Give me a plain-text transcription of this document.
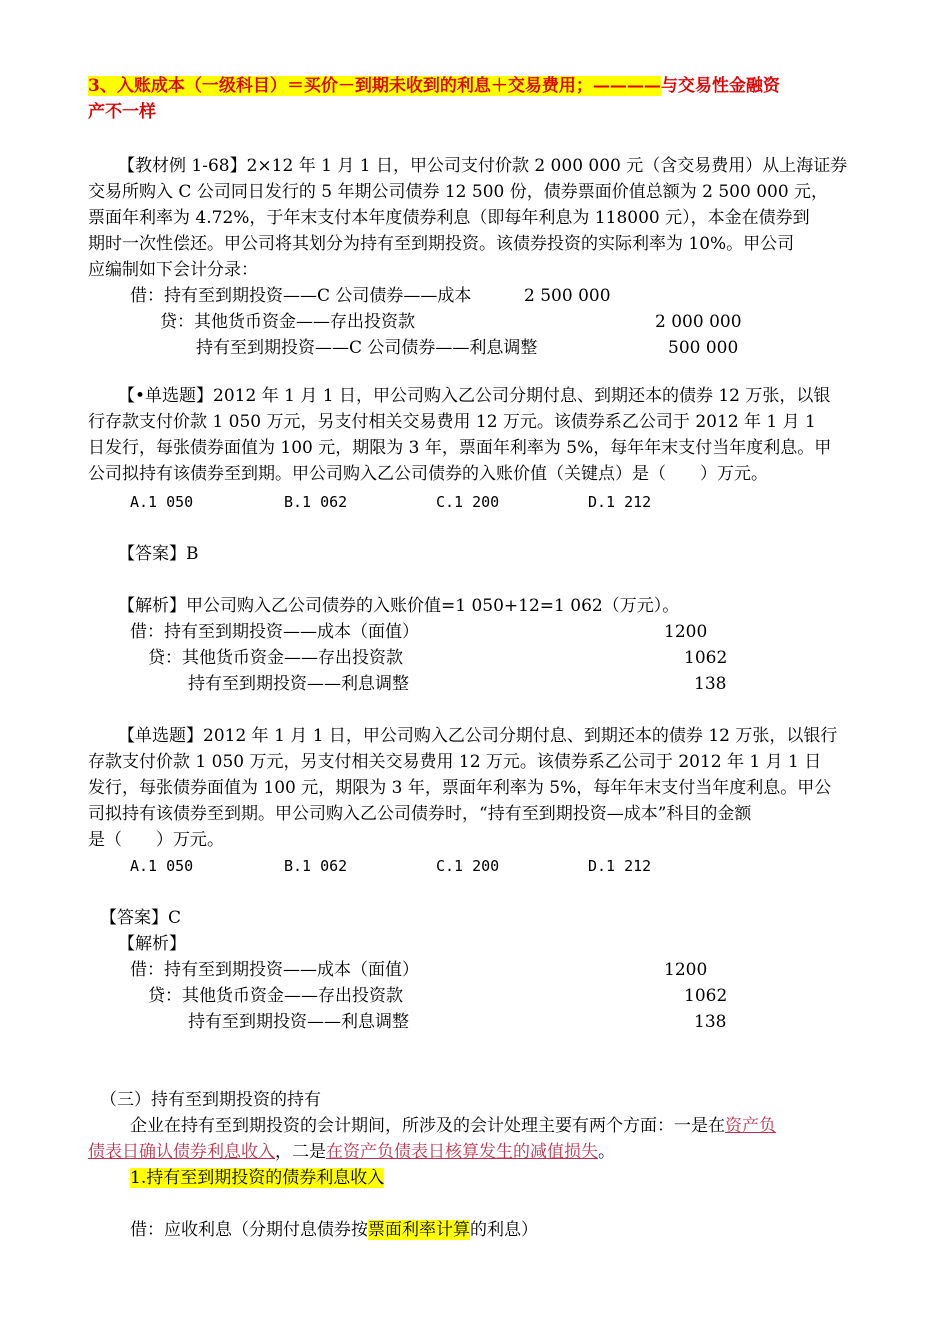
3、入账成本（一级科目）＝买价－到期未收到的利息＋交易费用；————与交易性金融资
产不一样
【教材例 1-68】2×12 年 1 月 1 日，甲公司支付价款 2 000 000 元（含交易费用）从上海证券
交易所购入 C 公司同日发行的 5 年期公司债券 12 500 份，债券票面价值总额为 2 500 000 元，
票面年利率为 4.72%，于年末支付本年度债券利息（即每年利息为 118000 元），本金在债券到
期时一次性偿还。甲公司将其划分为持有至到期投资。该债券投资的实际利率为 10%。甲公司
应编制如下会计分录：
借：持有至到期投资——C 公司债券——成本	2 500 000
贷：其他货币资金——存出投资款	2 000 000
持有至到期投资——C 公司债券——利息调整	500 000
【•单选题】2012 年 1 月 1 日，甲公司购入乙公司分期付息、到期还本的债券 12 万张，以银
行存款支付价款 1 050 万元，另支付相关交易费用 12 万元。该债券系乙公司于 2012 年 1 月 1
日发行，每张债券面值为 100 元，期限为 3 年，票面年利率为 5%，每年年末支付当年度利息。甲
公司拟持有该债券至到期。甲公司购入乙公司债券的入账价值（关键点）是（　　）万元。
A.1 050	B.1 062	C.1 200	D.1 212
【答案】B
【解析】甲公司购入乙公司债券的入账价值=1 050+12=1 062（万元）。
借：持有至到期投资——成本（面值）	1200
贷：其他货币资金——存出投资款	1062
持有至到期投资——利息调整	138
【单选题】2012 年 1 月 1 日，甲公司购入乙公司分期付息、到期还本的债券 12 万张，以银行
存款支付价款 1 050 万元，另支付相关交易费用 12 万元。该债券系乙公司于 2012 年 1 月 1 日
发行，每张债券面值为 100 元，期限为 3 年，票面年利率为 5%，每年年末支付当年度利息。甲公
司拟持有该债券至到期。甲公司购入乙公司债券时，“持有至到期投资—成本”科目的金额
是（　　）万元。
A.1 050	B.1 062	C.1 200	D.1 212
【答案】C
【解析】
借：持有至到期投资——成本（面值）	1200
贷：其他货币资金——存出投资款	1062
持有至到期投资——利息调整	138
（三）持有至到期投资的持有
企业在持有至到期投资的会计期间，所涉及的会计处理主要有两个方面：一是在资产负
债表日确认债券利息收入，二是在资产负债表日核算发生的减值损失。
1.持有至到期投资的债券利息收入
借：应收利息（分期付息债券按票面利率计算的利息）
